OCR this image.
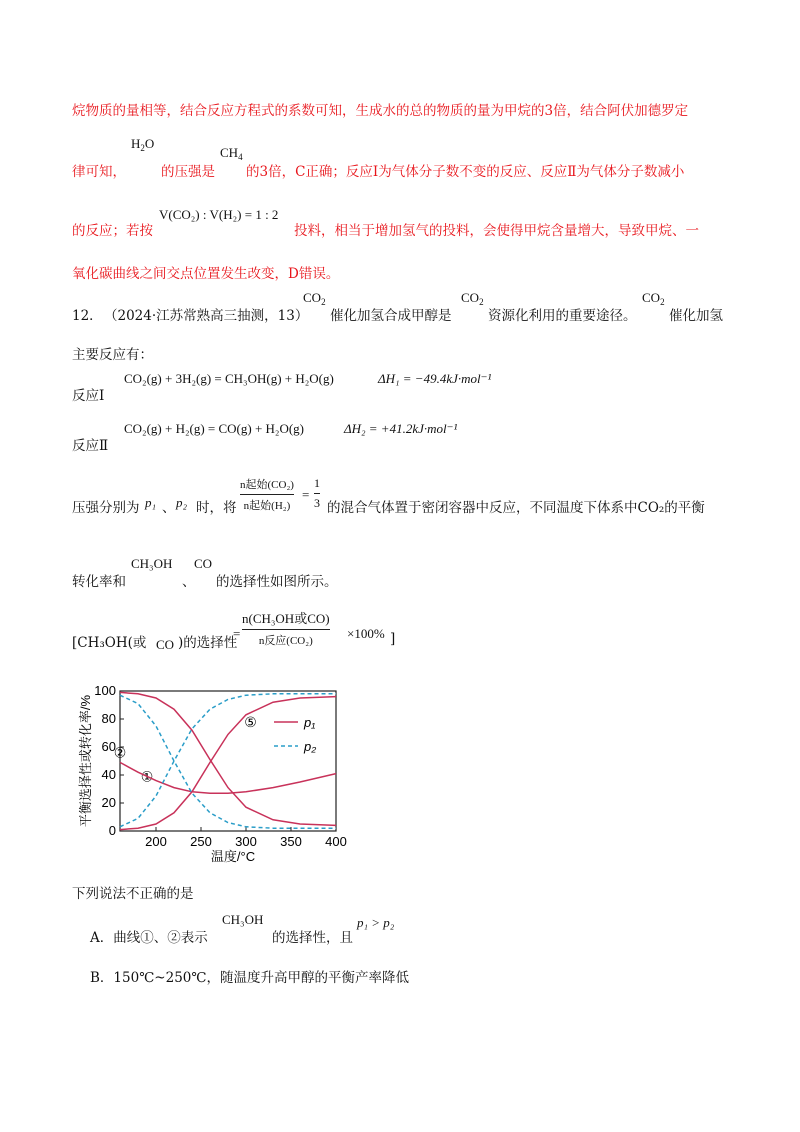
烷物质的量相等，结合反应方程式的系数可知，生成水的总的物质的量为甲烷的3倍，结合阿伏加德罗定
律可知，
$H_2O$
的压强是
$CH_4$
的3倍，C正确；反应Ⅰ为气体分子数不变的反应、反应Ⅱ为气体分子数减小
的反应；若按
V(CO₂) : V(H₂) = 1 : 2
投料，相当于增加氢气的投料，会使得甲烷含量增大，导致甲烷、一
氧化碳曲线之间交点位置发生改变，D错误。
12． （2024·江苏常熟高三抽测，13）
$CO_2$
催化加氢合成甲醇是
$CO_2$
资源化利用的重要途径。
$CO_2$
催化加氢
主要反应有：
反应Ⅰ
CO₂(g) + 3H₂(g) = CH₃OH(g) + H₂O(g)	ΔH₁ = −49.4kJ·mol⁻¹
反应Ⅱ
CO₂(g) + H₂(g) = CO(g) + H₂O(g)	ΔH₂ = +41.2kJ·mol⁻¹
压强分别为 p₁ 、 p₂ 时，将
n起始(CO₂)
n起始(H₂)
=
1
3 的混合气体置于密闭容器中反应，不同温度下体系中CO₂的平衡
转化率和
CH₃OH
、
CO
的选择性如图所示。
[CH₃OH(或 CO )的选择性
=
n(CH₃OH或CO)
n反应(CO₂)	×100% ]
0
20
40
60
80
100
200 250 300 350 400
温度/°C
平衡选择性或转化率/%	①
⑤
②
p₁
p₂
下列说法不正确的是
A．曲线①、②表示
CH₃OH
的选择性，且
p₁ > p₂
B．150℃~250℃，随温度升高甲醇的平衡产率降低
